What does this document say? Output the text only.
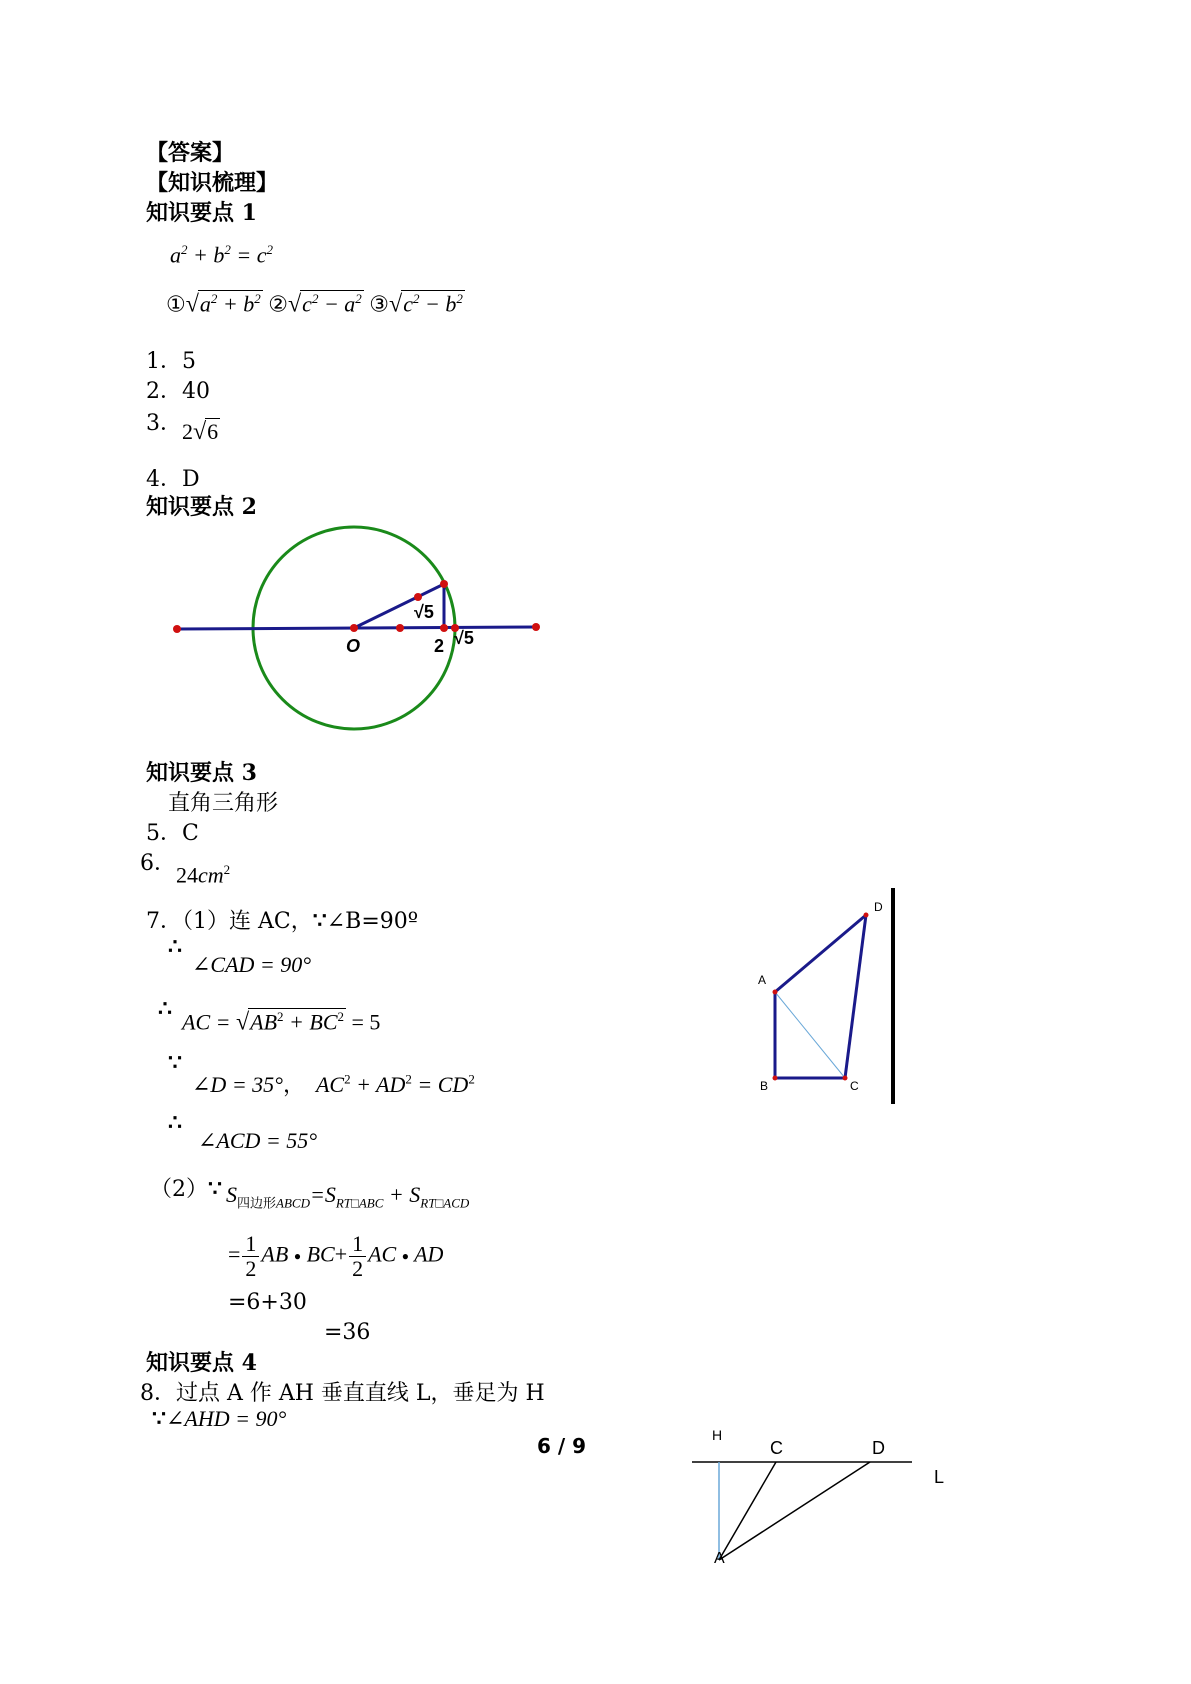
【答案】
【知识梳理】
知识要点 1
$a^2 + b^2 = c^2$
$①√a^2 + b^2$ $②√c^2 - a^2$ $③√c^2 - b^2$
1．5
2．40
3． 2√6
4．D
知识要点 2
O	2
√5
√5
知识要点 3
直角三角形
5．C
6． $24cm^2$
7．（1）连 AC，∵∠B=90º
∴
∠CAD = 90°
∴ AC = $√AB^2 + BC^2 = 5$
∵
∠D = 35°， $AC^2 + AD^2 = CD^2$
∴
∠ACD = 55°
（2）∵ $S_{四边形ABCD}=S_{RT□ABC} + S_{RT□ACD}$
= $\frac{1}{2}$ AB ● $BC+ \frac{1}{2}$ AC ● AD
=6+30
=36
A
B	C
D
知识要点 4
8．过点 A 作 AH 垂直直线 L，垂足为 H
∵∠AHD = 90°
6 / 9	H
C	D
L
A
